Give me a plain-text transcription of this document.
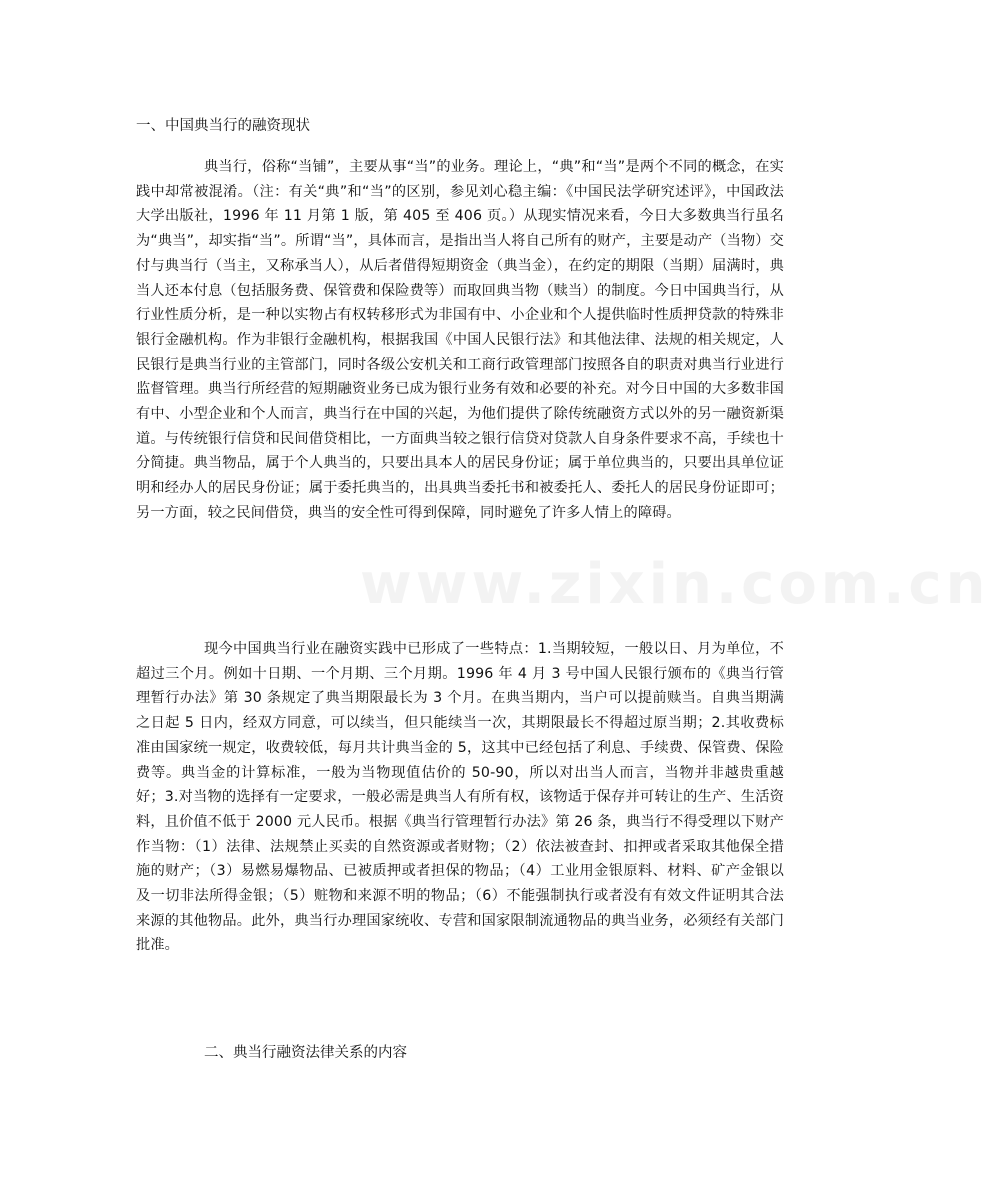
一、中国典当行的融资现状

典当行，俗称“当铺”，主要从事“当”的业务。理论上，“典”和“当”是两个不同的概念，在实践中却常被混淆。（注：有关“典”和“当”的区别，参见刘心稳主编：《中国民法学研究述评》，中国政法大学出版社，1996 年 11 月第 1 版，第 405 至 406 页。）从现实情况来看，今日大多数典当行虽名为“典当”，却实指“当”。所谓“当”，具体而言，是指出当人将自己所有的财产，主要是动产（当物）交付与典当行（当主，又称承当人），从后者借得短期资金（典当金），在约定的期限（当期）届满时，典当人还本付息（包括服务费、保管费和保险费等）而取回典当物（赎当）的制度。今日中国典当行，从行业性质分析，是一种以实物占有权转移形式为非国有中、小企业和个人提供临时性质押贷款的特殊非银行金融机构。作为非银行金融机构，根据我国《中国人民银行法》和其他法律、法规的相关规定，人民银行是典当行业的主管部门，同时各级公安机关和工商行政管理部门按照各自的职责对典当行业进行监督管理。典当行所经营的短期融资业务已成为银行业务有效和必要的补充。对今日中国的大多数非国有中、小型企业和个人而言，典当行在中国的兴起，为他们提供了除传统融资方式以外的另一融资新渠道。与传统银行信贷和民间借贷相比，一方面典当较之银行信贷对贷款人自身条件要求不高，手续也十分简捷。典当物品，属于个人典当的，只要出具本人的居民身份证；属于单位典当的，只要出具单位证明和经办人的居民身份证；属于委托典当的，出具典当委托书和被委托人、委托人的居民身份证即可；另一方面，较之民间借贷，典当的安全性可得到保障，同时避免了许多人情上的障碍。

现今中国典当行业在融资实践中已形成了一些特点：1.当期较短，一般以日、月为单位，不超过三个月。例如十日期、一个月期、三个月期。1996 年 4 月 3 号中国人民银行颁布的《典当行管理暂行办法》第 30 条规定了典当期限最长为 3 个月。在典当期内，当户可以提前赎当。自典当期满之日起 5 日内，经双方同意，可以续当，但只能续当一次，其期限最长不得超过原当期；2.其收费标准由国家统一规定，收费较低，每月共计典当金的 5，这其中已经包括了利息、手续费、保管费、保险费等。典当金的计算标准，一般为当物现值估价的 50-90，所以对出当人而言，当物并非越贵重越好；3.对当物的选择有一定要求，一般必需是典当人有所有权，该物适于保存并可转让的生产、生活资料，且价值不低于 2000 元人民币。根据《典当行管理暂行办法》第 26 条，典当行不得受理以下财产作当物：（1）法律、法规禁止买卖的自然资源或者财物；（2）依法被查封、扣押或者采取其他保全措施的财产；（3）易燃易爆物品、已被质押或者担保的物品；（4）工业用金银原料、材料、矿产金银以及一切非法所得金银；（5）赃物和来源不明的物品；（6）不能强制执行或者没有有效文件证明其合法来源的其他物品。此外，典当行办理国家统收、专营和国家限制流通物品的典当业务，必须经有关部门批准。

二、典当行融资法律关系的内容
www.zixin.com.cn
